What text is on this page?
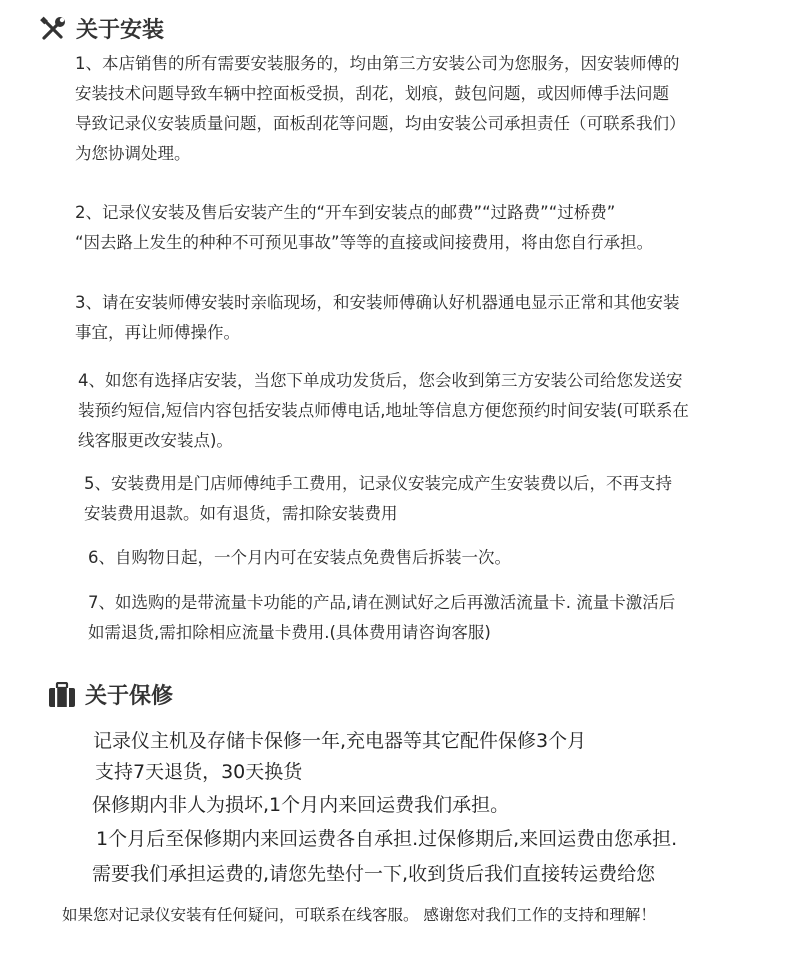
关于安装
1、本店销售的所有需要安装服务的，均由第三方安装公司为您服务，因安装师傅的
安装技术问题导致车辆中控面板受损，刮花，划痕，鼓包问题，或因师傅手法问题
导致记录仪安装质量问题，面板刮花等问题，均由安装公司承担责任（可联系我们）
为您协调处理。
2、记录仪安装及售后安装产生的“开车到安装点的邮费”“过路费”“过桥费”
“因去路上发生的种种不可预见事故”等等的直接或间接费用，将由您自行承担。
3、请在安装师傅安装时亲临现场，和安装师傅确认好机器通电显示正常和其他安装
事宜，再让师傅操作。
4、如您有选择店安装，当您下单成功发货后，您会收到第三方安装公司给您发送安
装预约短信,短信内容包括安装点师傅电话,地址等信息方便您预约时间安装(可联系在
线客服更改安装点)。
5、安装费用是门店师傅纯手工费用，记录仪安装完成产生安装费以后，不再支持
安装费用退款。如有退货，需扣除安装费用
6、自购物日起，一个月内可在安装点免费售后拆装一次。
7、如选购的是带流量卡功能的产品,请在测试好之后再激活流量卡. 流量卡激活后
如需退货,需扣除相应流量卡费用.(具体费用请咨询客服)
关于保修
记录仪主机及存储卡保修一年,充电器等其它配件保修3个月
支持7天退货，30天换货
保修期内非人为损坏,1个月内来回运费我们承担。
1个月后至保修期内来回运费各自承担.过保修期后,来回运费由您承担.
需要我们承担运费的,请您先垫付一下,收到货后我们直接转运费给您
如果您对记录仪安装有任何疑问，可联系在线客服。 感谢您对我们工作的支持和理解！
